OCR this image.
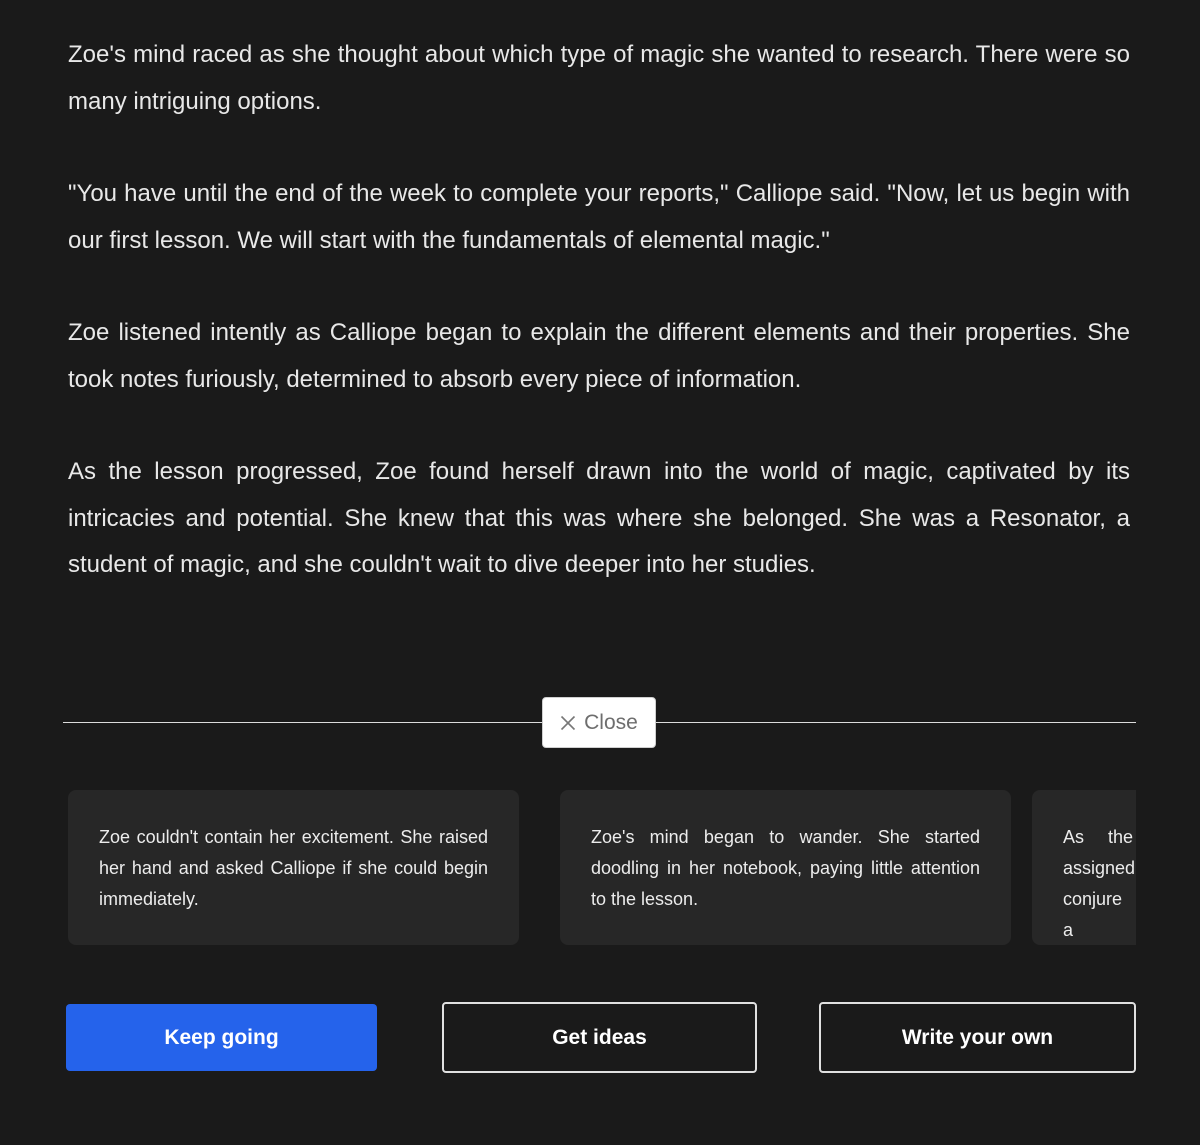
Zoe's mind raced as she thought about which type of magic she wanted to research. There were so many intriguing options.

"You have until the end of the week to complete your reports," Calliope said. "Now, let us begin with our first lesson. We will start with the fundamentals of elemental magic."

Zoe listened intently as Calliope began to explain the different elements and their properties. She took notes furiously, determined to absorb every piece of information.

As the lesson progressed, Zoe found herself drawn into the world of magic, captivated by its intricacies and potential. She knew that this was where she belonged. She was a Resonator, a student of magic, and she couldn't wait to dive deeper into her studies.

Close

Zoe couldn't contain her excitement. She raised her hand and asked Calliope if she could begin immediately.

Zoe's mind began to wander. She started doodling in her notebook, paying little attention to the lesson.

As the assigned conjure a

Keep going	Get ideas	Write your own
